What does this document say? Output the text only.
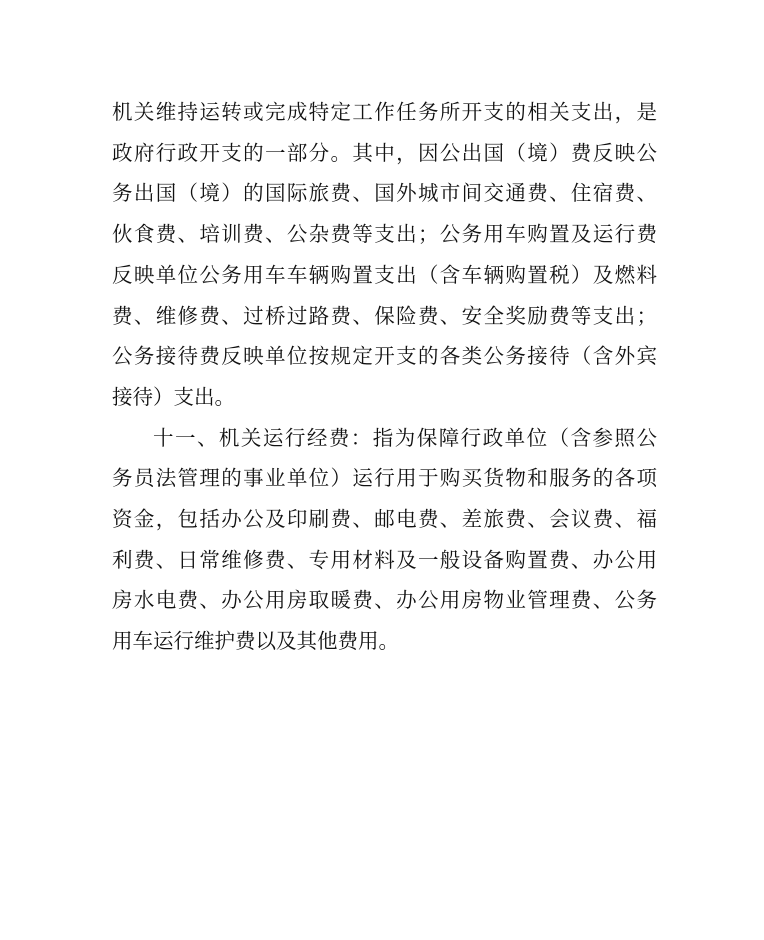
机关维持运转或完成特定工作任务所开支的相关支出，是
政府行政开支的一部分。其中，因公出国（境）费反映公
务出国（境）的国际旅费、国外城市间交通费、住宿费、
伙食费、培训费、公杂费等支出；公务用车购置及运行费
反映单位公务用车车辆购置支出（含车辆购置税）及燃料
费、维修费、过桥过路费、保险费、安全奖励费等支出；
公务接待费反映单位按规定开支的各类公务接待（含外宾
接待）支出。

十一、机关运行经费：指为保障行政单位（含参照公
务员法管理的事业单位）运行用于购买货物和服务的各项
资金，包括办公及印刷费、邮电费、差旅费、会议费、福
利费、日常维修费、专用材料及一般设备购置费、办公用
房水电费、办公用房取暖费、办公用房物业管理费、公务
用车运行维护费以及其他费用。
